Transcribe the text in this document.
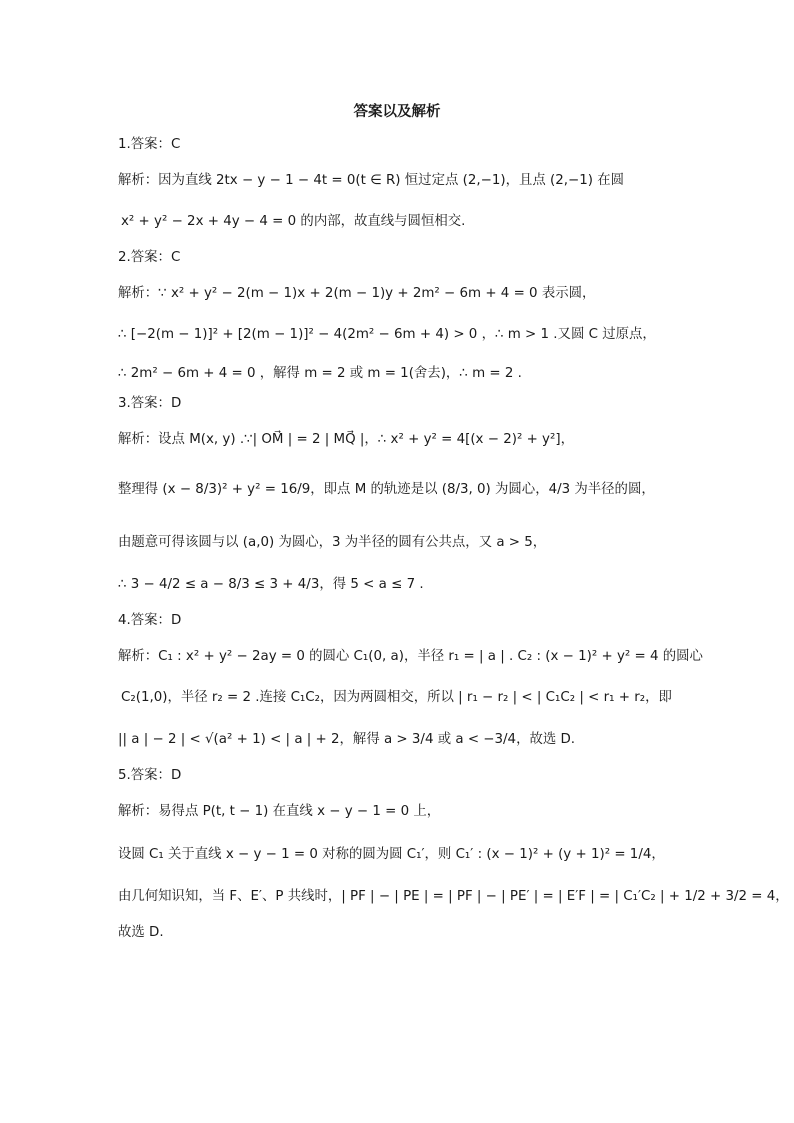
答案以及解析
1.答案：C
解析：因为直线 2tx − y − 1 − 4t = 0(t ∈ R) 恒过定点 (2,−1)，且点 (2,−1) 在圆
x² + y² − 2x + 4y − 4 = 0 的内部，故直线与圆恒相交.
2.答案：C
解析：∵ x² + y² − 2(m − 1)x + 2(m − 1)y + 2m² − 6m + 4 = 0 表示圆，
∴ [−2(m − 1)]² + [2(m − 1)]² − 4(2m² − 6m + 4) > 0 ，∴ m > 1 .又圆 C 过原点，
∴ 2m² − 6m + 4 = 0 ，解得 m = 2 或 m = 1(舍去)，∴ m = 2 .
3.答案：D
解析：设点 M(x, y) .∵| OM⃗ | = 2 | MQ⃗ |，∴ x² + y² = 4[(x − 2)² + y²]，
整理得 (x − 8/3)² + y² = 16/9，即点 M 的轨迹是以 (8/3, 0) 为圆心，4/3 为半径的圆，
由题意可得该圆与以 (a,0) 为圆心，3 为半径的圆有公共点，又 a > 5，
∴ 3 − 4/2 ≤ a − 8/3 ≤ 3 + 4/3，得 5 < a ≤ 7 .
4.答案：D
解析：C₁ : x² + y² − 2ay = 0 的圆心 C₁(0, a)，半径 r₁ = | a | . C₂ : (x − 1)² + y² = 4 的圆心
C₂(1,0)，半径 r₂ = 2 .连接 C₁C₂，因为两圆相交，所以 | r₁ − r₂ | < | C₁C₂ | < r₁ + r₂，即
|| a | − 2 | < √(a² + 1) < | a | + 2，解得 a > 3/4 或 a < −3/4，故选 D.
5.答案：D
解析：易得点 P(t, t − 1) 在直线 x − y − 1 = 0 上，
设圆 C₁ 关于直线 x − y − 1 = 0 对称的圆为圆 C₁′，则 C₁′ : (x − 1)² + (y + 1)² = 1/4，
由几何知识知，当 F、E′、P 共线时，| PF | − | PE | = | PF | − | PE′ | = | E′F | = | C₁′C₂ | + 1/2 + 3/2 = 4，
故选 D.
